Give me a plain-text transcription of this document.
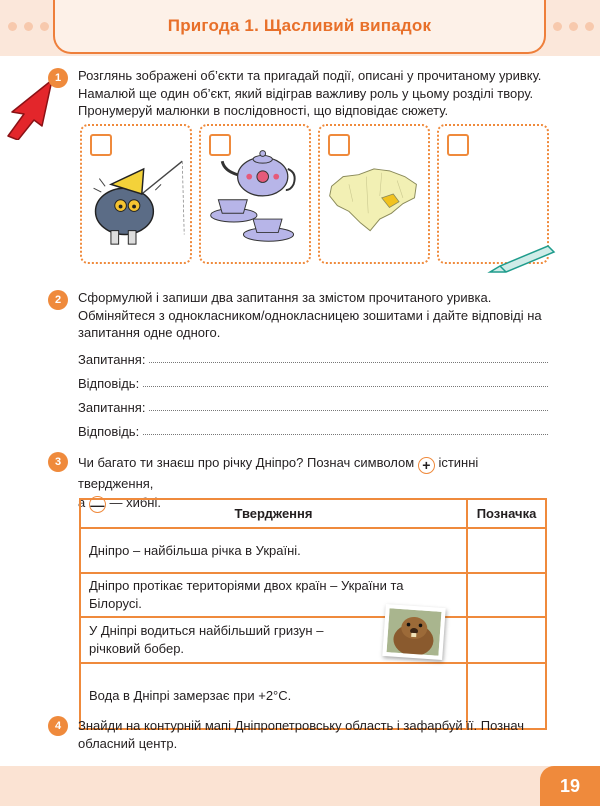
Пригода 1. Щасливий випадок
1	Розглянь зображені об’єкти та пригадай події, описані у прочитаному уривку. Намалюй ще один об’єкт, який відіграв важливу роль у цьому розділі твору. Пронумеруй малюнки в послідовності, що відповідає сюжету.
2	Сформулюй і запиши два запитання за змістом прочитаного уривка. Обміняйтеся з однокласником/однокласницею зошитами і дайте відповіді на запитання одне одного.
Запитання:
Відповідь:
Запитання:
Відповідь:
3	Чи багато ти знаєш про річку Дніпро? Познач символом + істинні твердження,
а — — хибні.
Твердження	Позначка
Дніпро – найбільша річка в Україні.
Дніпро протікає територіями двох країн – України та Білорусі.
У Дніпрі водиться найбільший гризун – річковий бобер.
Вода в Дніпрі замерзає при +2°С.
4	Знайди на контурній мапі Дніпропетровську область і зафарбуй її. Познач обласний центр.
19
